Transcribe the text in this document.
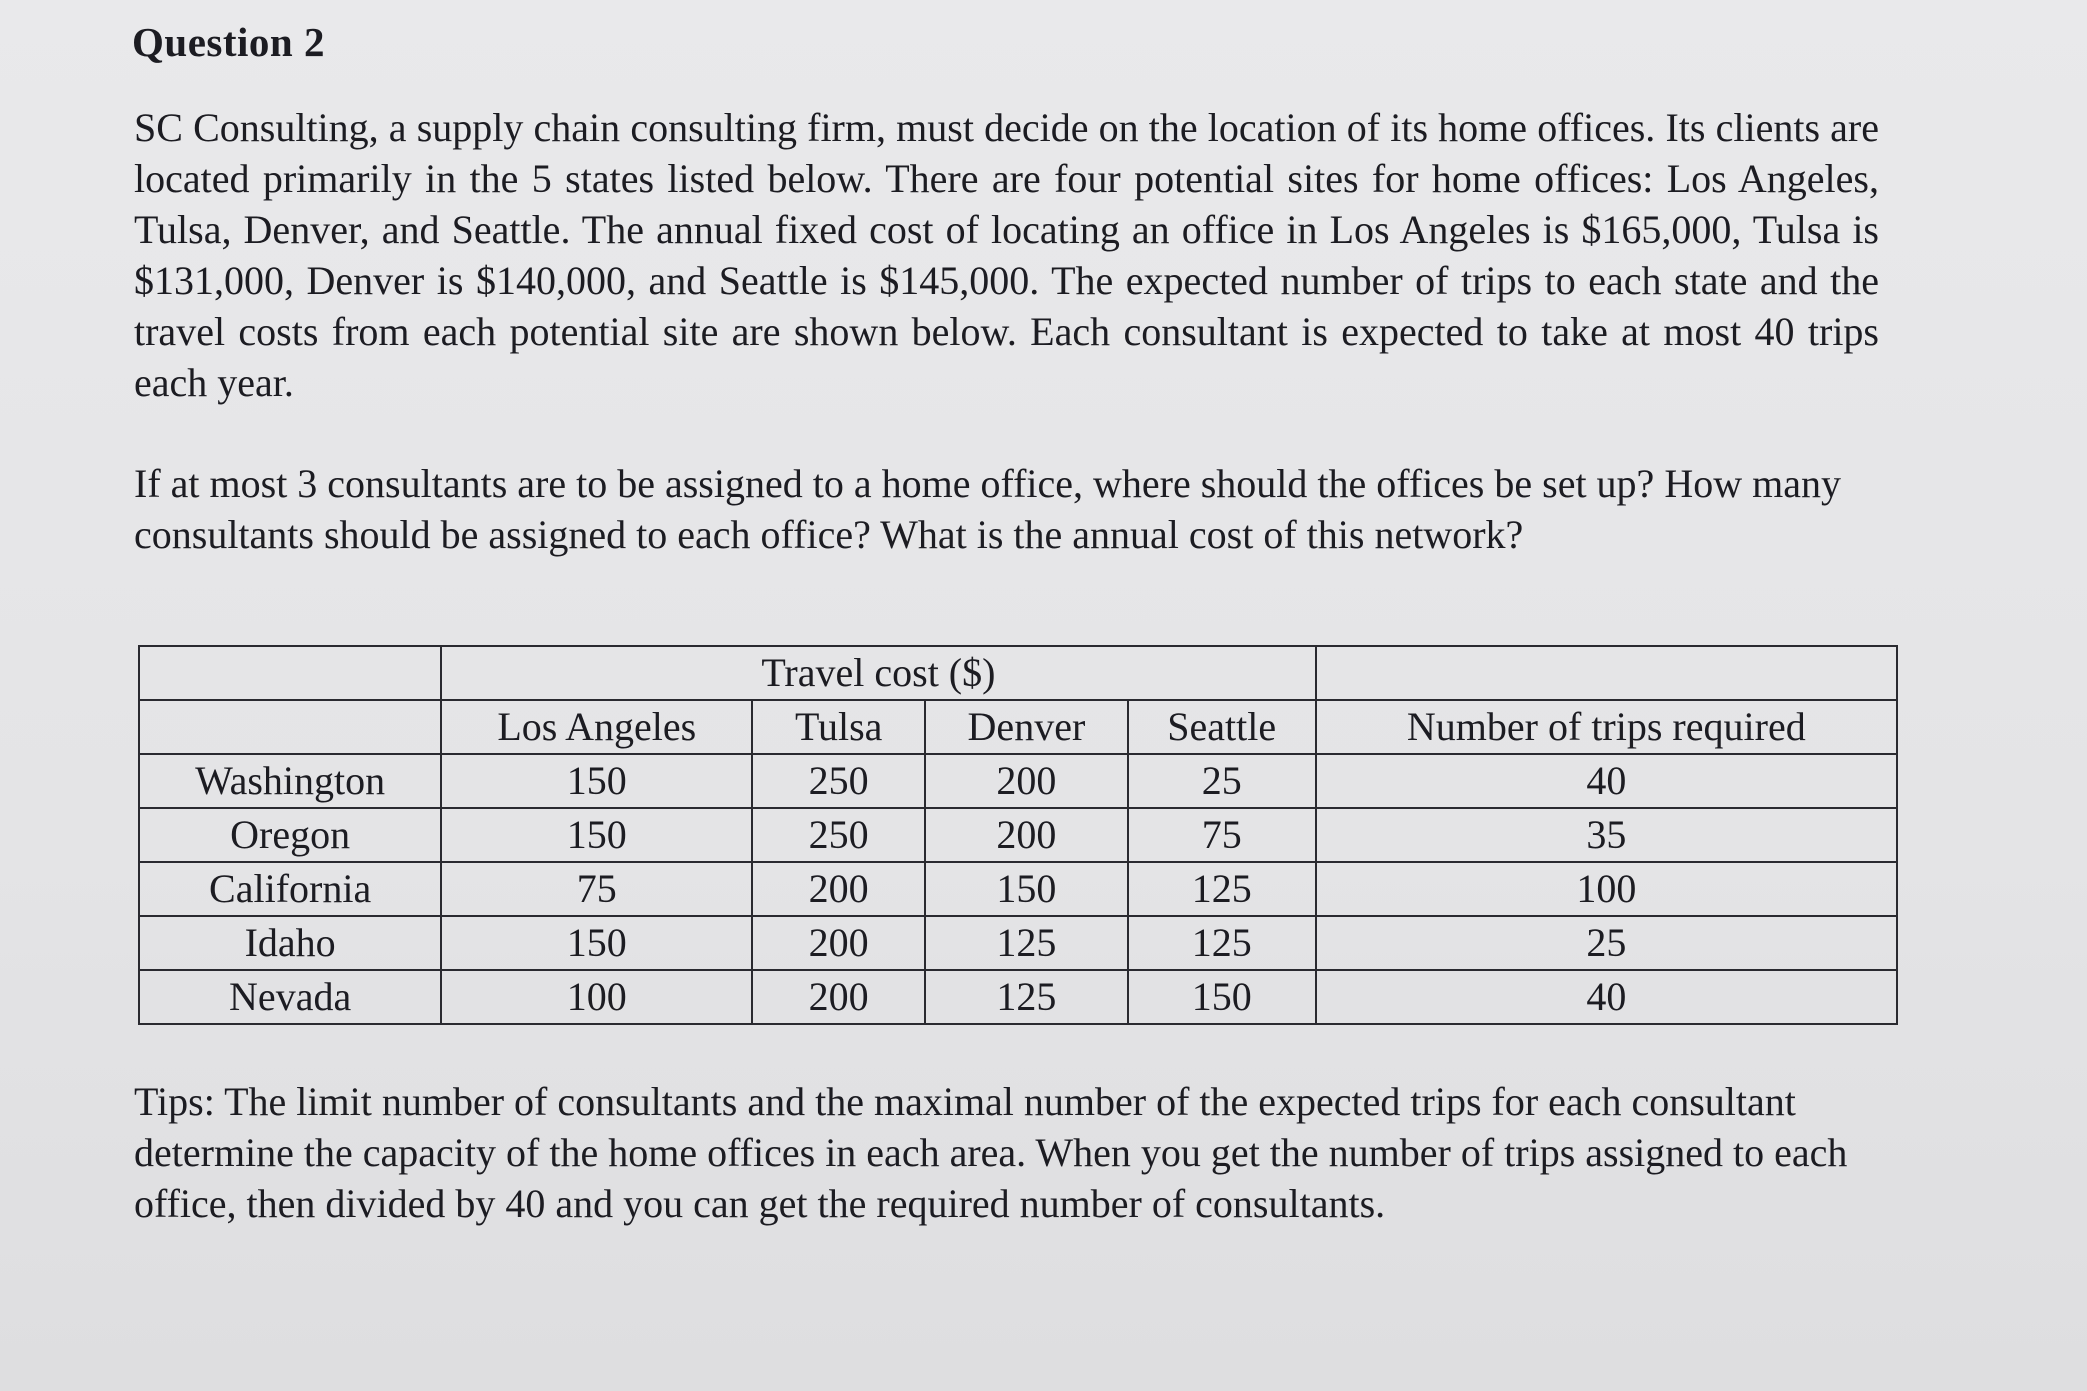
Question 2
SC Consulting, a supply chain consulting firm, must decide on the location of its home offices. Its clients are located primarily in the 5 states listed below. There are four potential sites for home offices: Los Angeles, Tulsa, Denver, and Seattle. The annual fixed cost of locating an office in Los Angeles is $165,000, Tulsa is $131,000, Denver is $140,000, and Seattle is $145,000. The expected number of trips to each state and the travel costs from each potential site are shown below. Each consultant is expected to take at most 40 trips each year.
If at most 3 consultants are to be assigned to a home office, where should the offices be set up? How many consultants should be assigned to each office? What is the annual cost of this network?
	Travel cost ($)				
	Los Angeles	Tulsa	Denver	Seattle	Number of trips required
Washington	150	250	200	25	40
Oregon	150	250	200	75	35
California	75	200	150	125	100
Idaho	150	200	125	125	25
Nevada	100	200	125	150	40
Tips: The limit number of consultants and the maximal number of the expected trips for each consultant determine the capacity of the home offices in each area. When you get the number of trips assigned to each office, then divided by 40 and you can get the required number of consultants.
